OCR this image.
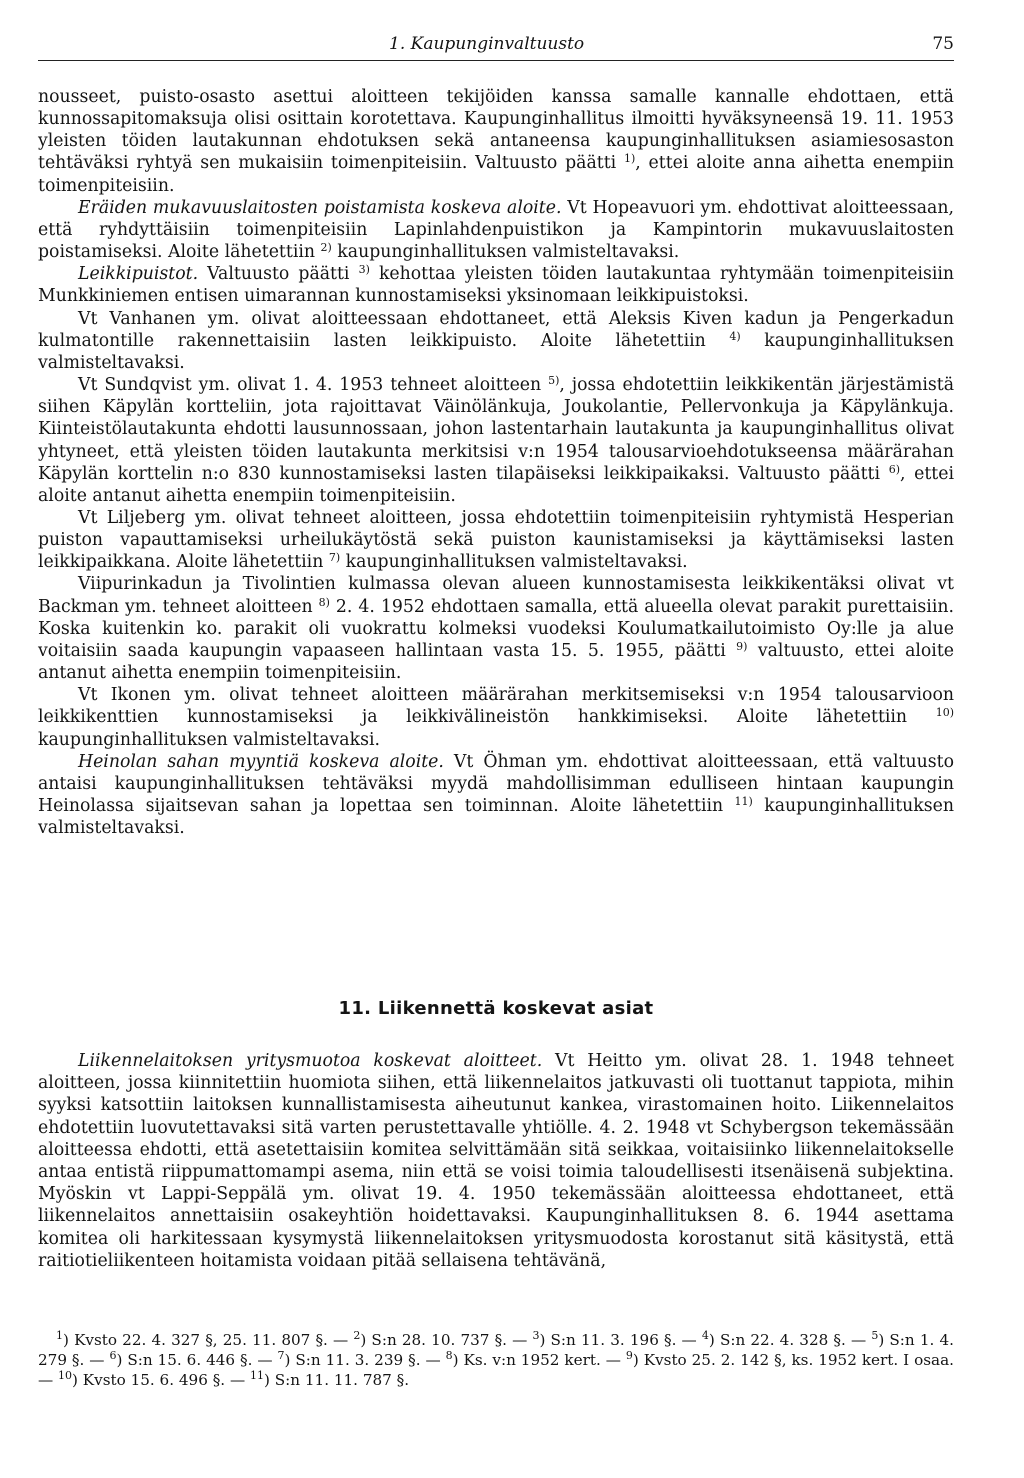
1. Kaupunginvaltuusto	75

nousseet, puisto-osasto asettui aloitteen tekijöiden kanssa samalle kannalle ehdottaen, että kunnossapitomaksuja olisi osittain korotettava. Kaupunginhallitus ilmoitti hyväksyneensä 19. 11. 1953 yleisten töiden lautakunnan ehdotuksen sekä antaneensa kaupunginhallituksen asiamiesosaston tehtäväksi ryhtyä sen mukaisiin toimenpiteisiin. Valtuusto päätti $^{1)}$, ettei aloite anna aihetta enempiin toimenpiteisiin.

Eräiden mukavuuslaitosten poistamista koskeva aloite. Vt Hopeavuori ym. ehdottivat aloitteessaan, että ryhdyttäisiin toimenpiteisiin Lapinlahdenpuistikon ja Kampintorin mukavuuslaitosten poistamiseksi. Aloite lähetettiin $^{2)}$ kaupunginhallituksen valmisteltavaksi.

Leikkipuistot. Valtuusto päätti $^{3)}$ kehottaa yleisten töiden lautakuntaa ryhtymään toimenpiteisiin Munkkiniemen entisen uimarannan kunnostamiseksi yksinomaan leikkipuistoksi.

Vt Vanhanen ym. olivat aloitteessaan ehdottaneet, että Aleksis Kiven kadun ja Pengerkadun kulmatontille rakennettaisiin lasten leikkipuisto. Aloite lähetettiin $^{4)}$ kaupunginhallituksen valmisteltavaksi.

Vt Sundqvist ym. olivat 1. 4. 1953 tehneet aloitteen $^{5)}$, jossa ehdotettiin leikkikentän järjestämistä siihen Käpylän kortteliin, jota rajoittavat Väinölänkuja, Joukolantie, Pellervonkuja ja Käpylänkuja. Kiinteistölautakunta ehdotti lausunnossaan, johon lastentarhain lautakunta ja kaupunginhallitus olivat yhtyneet, että yleisten töiden lautakunta merkitsisi v:n 1954 talousarvioehdotukseensa määrärahan Käpylän korttelin n:o 830 kunnostamiseksi lasten tilapäiseksi leikkipaikaksi. Valtuusto päätti $^{6)}$, ettei aloite antanut aihetta enempiin toimenpiteisiin.

Vt Liljeberg ym. olivat tehneet aloitteen, jossa ehdotettiin toimenpiteisiin ryhtymistä Hesperian puiston vapauttamiseksi urheilukäytöstä sekä puiston kaunistamiseksi ja käyttämiseksi lasten leikkipaikkana. Aloite lähetettiin $^{7)}$ kaupunginhallituksen valmisteltavaksi.

Viipurinkadun ja Tivolintien kulmassa olevan alueen kunnostamisesta leikkikentäksi olivat vt Backman ym. tehneet aloitteen $^{8)}$ 2. 4. 1952 ehdottaen samalla, että alueella olevat parakit purettaisiin. Koska kuitenkin ko. parakit oli vuokrattu kolmeksi vuodeksi Koulumatkailutoimisto Oy:lle ja alue voitaisiin saada kaupungin vapaaseen hallintaan vasta 15. 5. 1955, päätti $^{9)}$ valtuusto, ettei aloite antanut aihetta enempiin toimenpiteisiin.

Vt Ikonen ym. olivat tehneet aloitteen määrärahan merkitsemiseksi v:n 1954 talousarvioon leikkikenttien kunnostamiseksi ja leikkivälineistön hankkimiseksi. Aloite lähetettiin	$^{10)}$ kaupunginhallituksen valmisteltavaksi.

Heinolan sahan myyntiä koskeva aloite. Vt Öhman ym. ehdottivat aloitteessaan, että valtuusto antaisi kaupunginhallituksen tehtäväksi myydä mahdollisimman edulliseen hintaan kaupungin Heinolassa sijaitsevan sahan ja lopettaa sen toiminnan. Aloite lähetettiin $^{11)}$ kaupunginhallituksen valmisteltavaksi.

11. Liikennettä koskevat asiat

Liikennelaitoksen yritysmuotoa koskevat aloitteet. Vt Heitto ym. olivat 28. 1. 1948 tehneet aloitteen, jossa kiinnitettiin huomiota siihen, että liikennelaitos jatkuvasti oli tuottanut tappiota, mihin syyksi katsottiin laitoksen kunnallistamisesta aiheutunut kankea, virastomainen hoito. Liikennelaitos ehdotettiin luovutettavaksi sitä varten perustettavalle yhtiölle. 4. 2. 1948 vt Schybergson tekemässään aloitteessa ehdotti, että asetettaisiin komitea selvittämään sitä seikkaa, voitaisiinko liikennelaitokselle antaa entistä riippumattomampi asema, niin että se voisi toimia taloudellisesti itsenäisenä subjektina. Myöskin vt Lappi-Seppälä ym. olivat 19. 4. 1950 tekemässään aloitteessa ehdottaneet, että liikennelaitos annettaisiin osakeyhtiön hoidettavaksi. Kaupunginhallituksen 8. 6. 1944 asettama komitea oli harkitessaan kysymystä liikennelaitoksen yritysmuodosta korostanut sitä käsitystä, että raitiotieliikenteen hoitamista voidaan pitää sellaisena tehtävänä,

$^1$) Kvsto 22. 4. 327 §, 25. 11. 807 §. — $^2$) S:n 28. 10. 737 §. — $^3$) S:n 11. 3. 196 §. — $^4$) S:n 22. 4. 328 §. — $^5$) S:n 1. 4. 279 §. — $^6$) S:n 15. 6. 446 §. — $^7$) S:n 11. 3. 239 §. — $^8$) Ks. v:n 1952 kert. — $^9$) Kvsto 25. 2. 142 §, ks. 1952 kert. I osaa. — $^{10}$) Kvsto 15. 6. 496 §. — $^{11}$) S:n 11. 11. 787 §.
